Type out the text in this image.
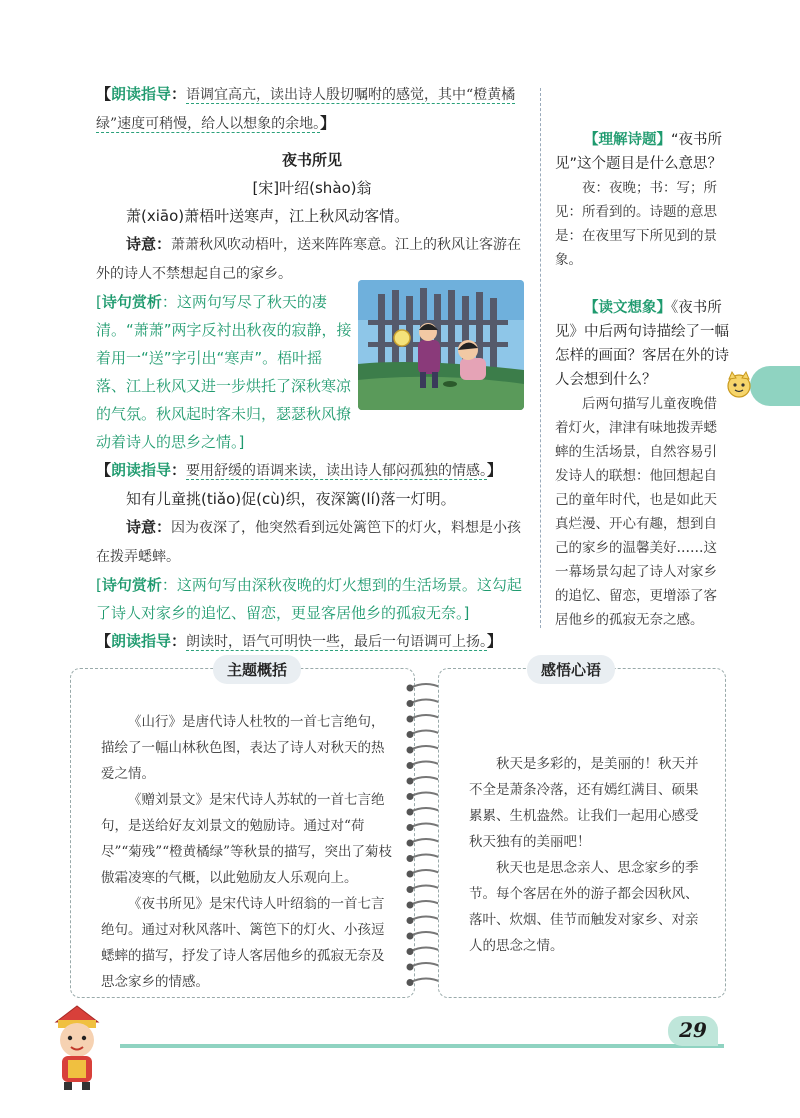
【朗读指导：语调宜高亢，读出诗人殷切嘱咐的感觉，其中“橙黄橘绿”速度可稍慢，给人以想象的余地。】

夜书所见

[宋]叶绍(shào)翁

萧(xiāo)萧梧叶送寒声，江上秋风动客情。

诗意：萧萧秋风吹动梧叶，送来阵阵寒意。江上的秋风让客游在外的诗人不禁想起自己的家乡。

[诗句赏析：这两句写尽了秋天的凄清。“萧萧”两字反衬出秋夜的寂静，接着用一“送”字引出“寒声”。梧叶摇落、江上秋风又进一步烘托了深秋寒凉的气氛。秋风起时客未归，瑟瑟秋风撩动着诗人的思乡之情。]

【朗读指导：要用舒缓的语调来读，读出诗人郁闷孤独的情感。】

知有儿童挑(tiǎo)促(cù)织，夜深篱(lí)落一灯明。

诗意：因为夜深了，他突然看到远处篱笆下的灯火，料想是小孩在拨弄蟋蟀。

[诗句赏析：这两句写由深秋夜晚的灯火想到的生活场景。这勾起了诗人对家乡的追忆、留恋，更显客居他乡的孤寂无奈。]

【朗读指导：朗读时，语气可明快一些，最后一句语调可上扬。】

【理解诗题】“夜书所见”这个题目是什么意思？

夜：夜晚；书：写；所见：所看到的。诗题的意思是：在夜里写下所见到的景象。

【读文想象】《夜书所见》中后两句诗描绘了一幅怎样的画面？客居在外的诗人会想到什么？

后两句描写儿童夜晚借着灯火，津津有味地拨弄蟋蟀的生活场景，自然容易引发诗人的联想：他回想起自己的童年时代，也是如此天真烂漫、开心有趣，想到自己的家乡的温馨美好……这一幕场景勾起了诗人对家乡的追忆、留恋，更增添了客居他乡的孤寂无奈之感。

主题概括

《山行》是唐代诗人杜牧的一首七言绝句，描绘了一幅山林秋色图，表达了诗人对秋天的热爱之情。

《赠刘景文》是宋代诗人苏轼的一首七言绝句，是送给好友刘景文的勉励诗。通过对“荷尽”“菊残”“橙黄橘绿”等秋景的描写，突出了菊枝傲霜凌寒的气概，以此勉励友人乐观向上。

《夜书所见》是宋代诗人叶绍翁的一首七言绝句。通过对秋风落叶、篱笆下的灯火、小孩逗蟋蟀的描写，抒发了诗人客居他乡的孤寂无奈及思念家乡的情感。

感悟心语

秋天是多彩的，是美丽的！秋天并不全是萧条冷落，还有嫣红满目、硕果累累、生机盎然。让我们一起用心感受秋天独有的美丽吧！

秋天也是思念亲人、思念家乡的季节。每个客居在外的游子都会因秋风、落叶、炊烟、佳节而触发对家乡、对亲人的思念之情。

29
